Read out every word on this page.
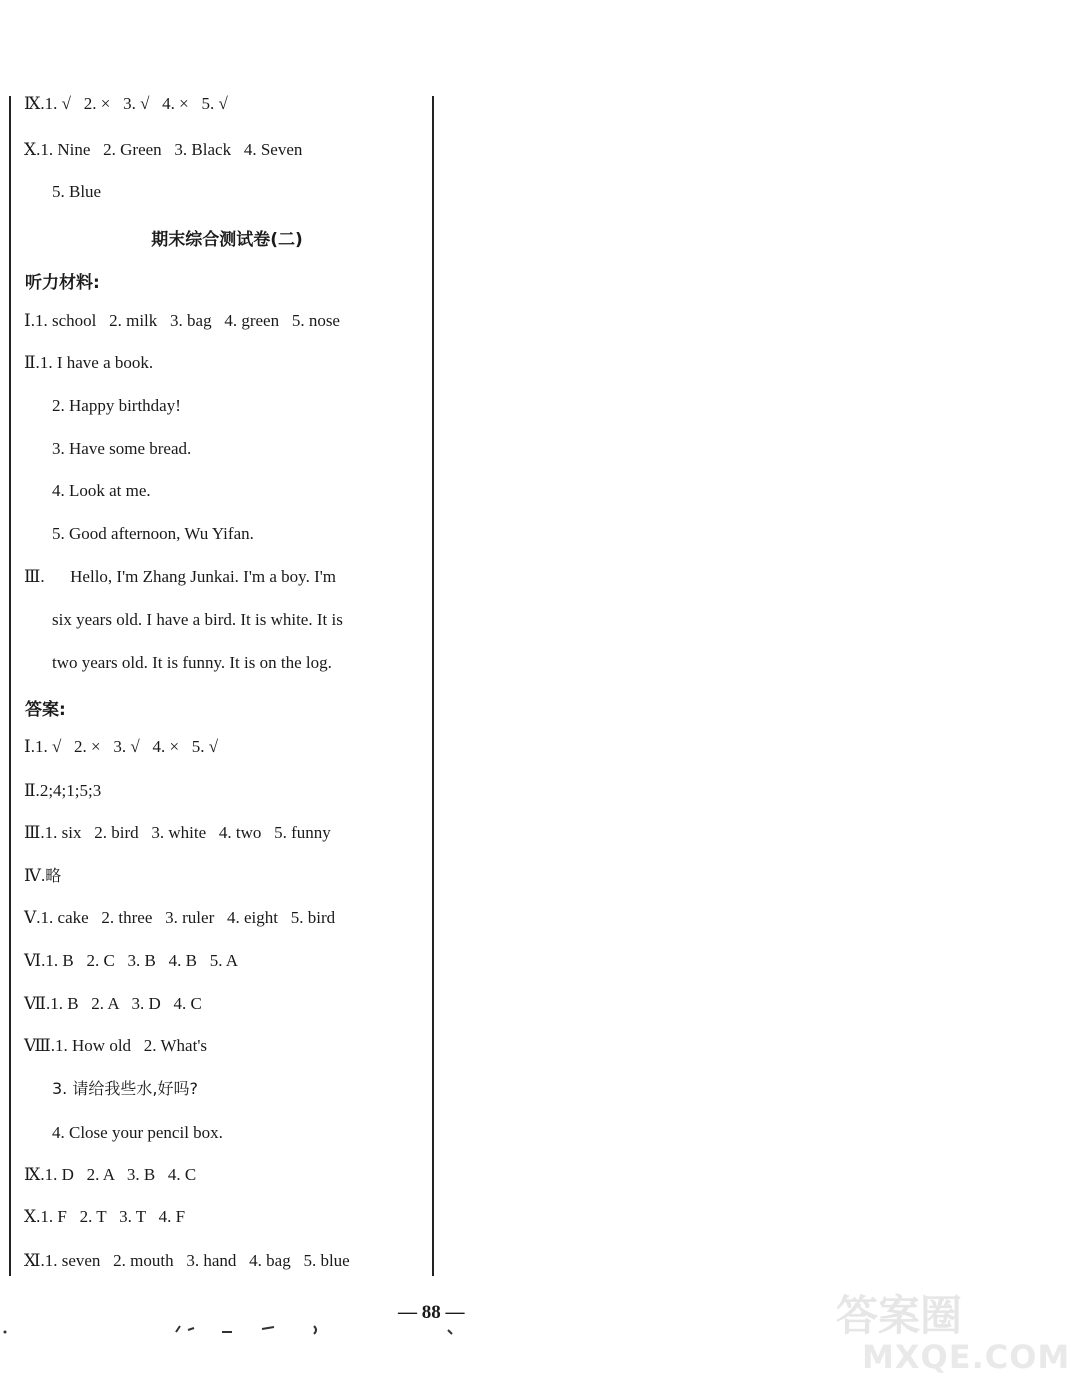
Ⅸ.1. √   2. ×   3. √   4. ×   5. √
Ⅹ.1. Nine   2. Green   3. Black   4. Seven
5. Blue
Ⅰ.1. school   2. milk   3. bag   4. green   5. nose
Ⅱ.1. I have a book.
2. Happy birthday!
3. Have some bread.
4. Look at me.
5. Good afternoon, Wu Yifan.
Ⅲ.      Hello, I'm Zhang Junkai. I'm a boy. I'm
six years old. I have a bird. It is white. It is
two years old. It is funny. It is on the log.
Ⅰ.1. √   2. ×   3. √   4. ×   5. √
Ⅱ.2;4;1;5;3
Ⅲ.1. six   2. bird   3. white   4. two   5. funny
Ⅳ.略
Ⅴ.1. cake   2. three   3. ruler   4. eight   5. bird
Ⅵ.1. B   2. C   3. B   4. B   5. A
Ⅶ.1. B   2. A   3. D   4. C
Ⅷ.1. How old   2. What's
3. 请给我些水,好吗?
4. Close your pencil box.
Ⅸ.1. D   2. A   3. B   4. C
Ⅹ.1. F   2. T   3. T   4. F
Ⅺ.1. seven   2. mouth   3. hand   4. bag   5. blue
期末综合测试卷(二)
听力材料:
答案:
— 88 —	答案圈
MXQE.COM
